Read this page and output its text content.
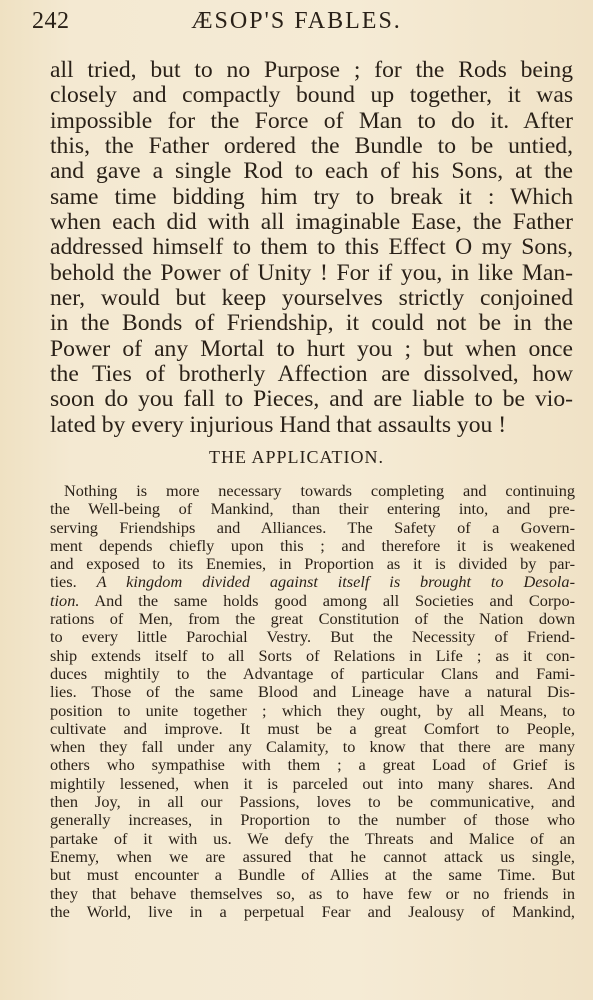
242	ÆSOP'S FABLES.
all tried, but to no Purpose ; for the Rods being
closely and compactly bound up together, it was
impossible for the Force of Man to do it. After
this, the Father ordered the Bundle to be untied,
and gave a single Rod to each of his Sons, at the
same time bidding him try to break it : Which
when each did with all imaginable Ease, the Father
addressed himself to them to this Effect O my Sons,
behold the Power of Unity ! For if you, in like Man-
ner, would but keep yourselves strictly conjoined
in the Bonds of Friendship, it could not be in the
Power of any Mortal to hurt you ; but when once
the Ties of brotherly Affection are dissolved, how
soon do you fall to Pieces, and are liable to be vio-
lated by every injurious Hand that assaults you !
THE APPLICATION.
Nothing is more necessary towards completing and continuing
the Well-being of Mankind, than their entering into, and pre-
serving Friendships and Alliances. The Safety of a Govern-
ment depends chiefly upon this ; and therefore it is weakened
and exposed to its Enemies, in Proportion as it is divided by par-
ties. A kingdom divided against itself is brought to Desola-
tion. And the same holds good among all Societies and Corpo-
rations of Men, from the great Constitution of the Nation down
to every little Parochial Vestry. But the Necessity of Friend-
ship extends itself to all Sorts of Relations in Life ; as it con-
duces mightily to the Advantage of particular Clans and Fami-
lies. Those of the same Blood and Lineage have a natural Dis-
position to unite together ; which they ought, by all Means, to
cultivate and improve. It must be a great Comfort to People,
when they fall under any Calamity, to know that there are many
others who sympathise with them ; a great Load of Grief is
mightily lessened, when it is parceled out into many shares. And
then Joy, in all our Passions, loves to be communicative, and
generally increases, in Proportion to the number of those who
partake of it with us. We defy the Threats and Malice of an
Enemy, when we are assured that he cannot attack us single,
but must encounter a Bundle of Allies at the same Time. But
they that behave themselves so, as to have few or no friends in
the World, live in a perpetual Fear and Jealousy of Mankind,
